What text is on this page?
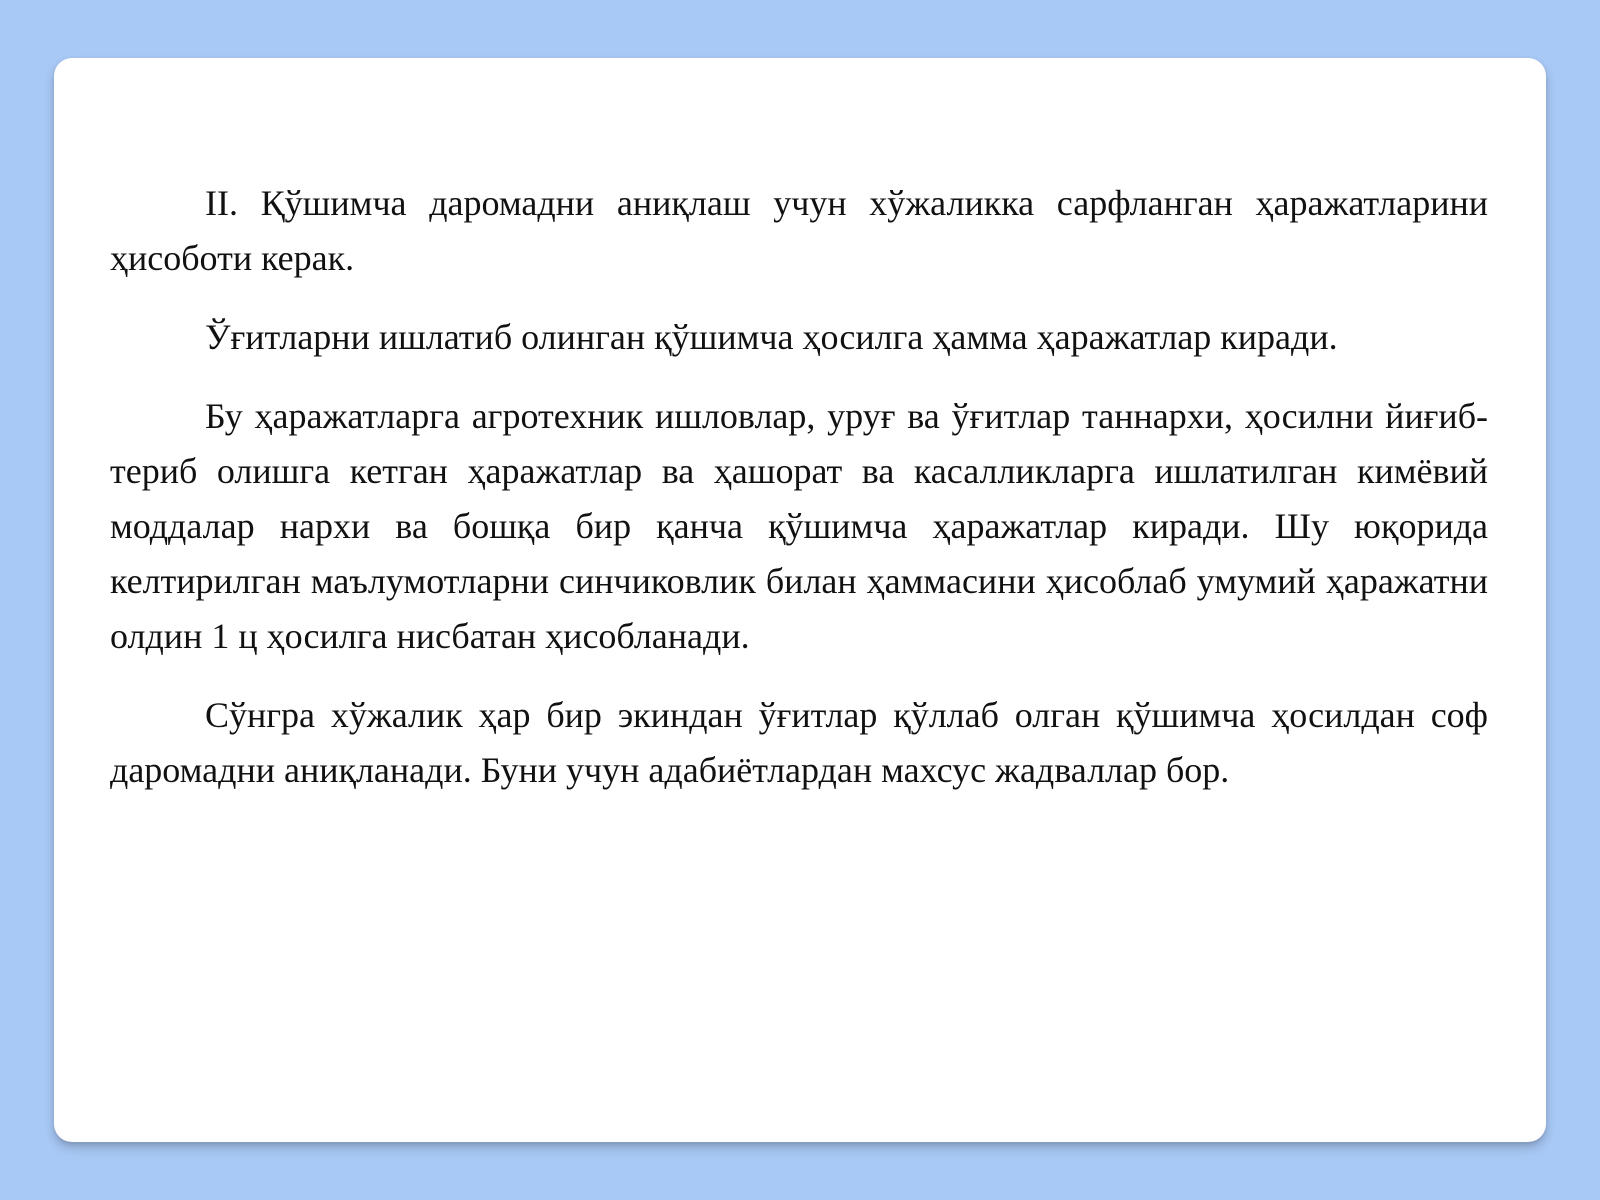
II. Қўшимча даромадни аниқлаш учун хўжаликка сарфланган ҳаражатларини ҳисоботи керак.

Ўғитларни ишлатиб олинган қўшимча ҳосилга ҳамма ҳаражатлар киради.

Бу ҳаражатларга агротехник ишловлар, уруғ ва ўғитлар таннархи, ҳосилни йиғиб-териб олишга кетган ҳаражатлар ва ҳашорат ва касалликларга ишлатилган кимёвий моддалар нархи ва бошқа бир қанча қўшимча ҳаражатлар киради. Шу юқорида келтирилган маълумотларни синчиковлик билан ҳаммасини ҳисоблаб умумий ҳаражатни олдин 1 ц ҳосилга нисбатан ҳисобланади.

Сўнгра хўжалик ҳар бир экиндан ўғитлар қўллаб олган қўшимча ҳосилдан соф даромадни аниқланади. Буни учун адабиётлардан махсус жадваллар бор.
